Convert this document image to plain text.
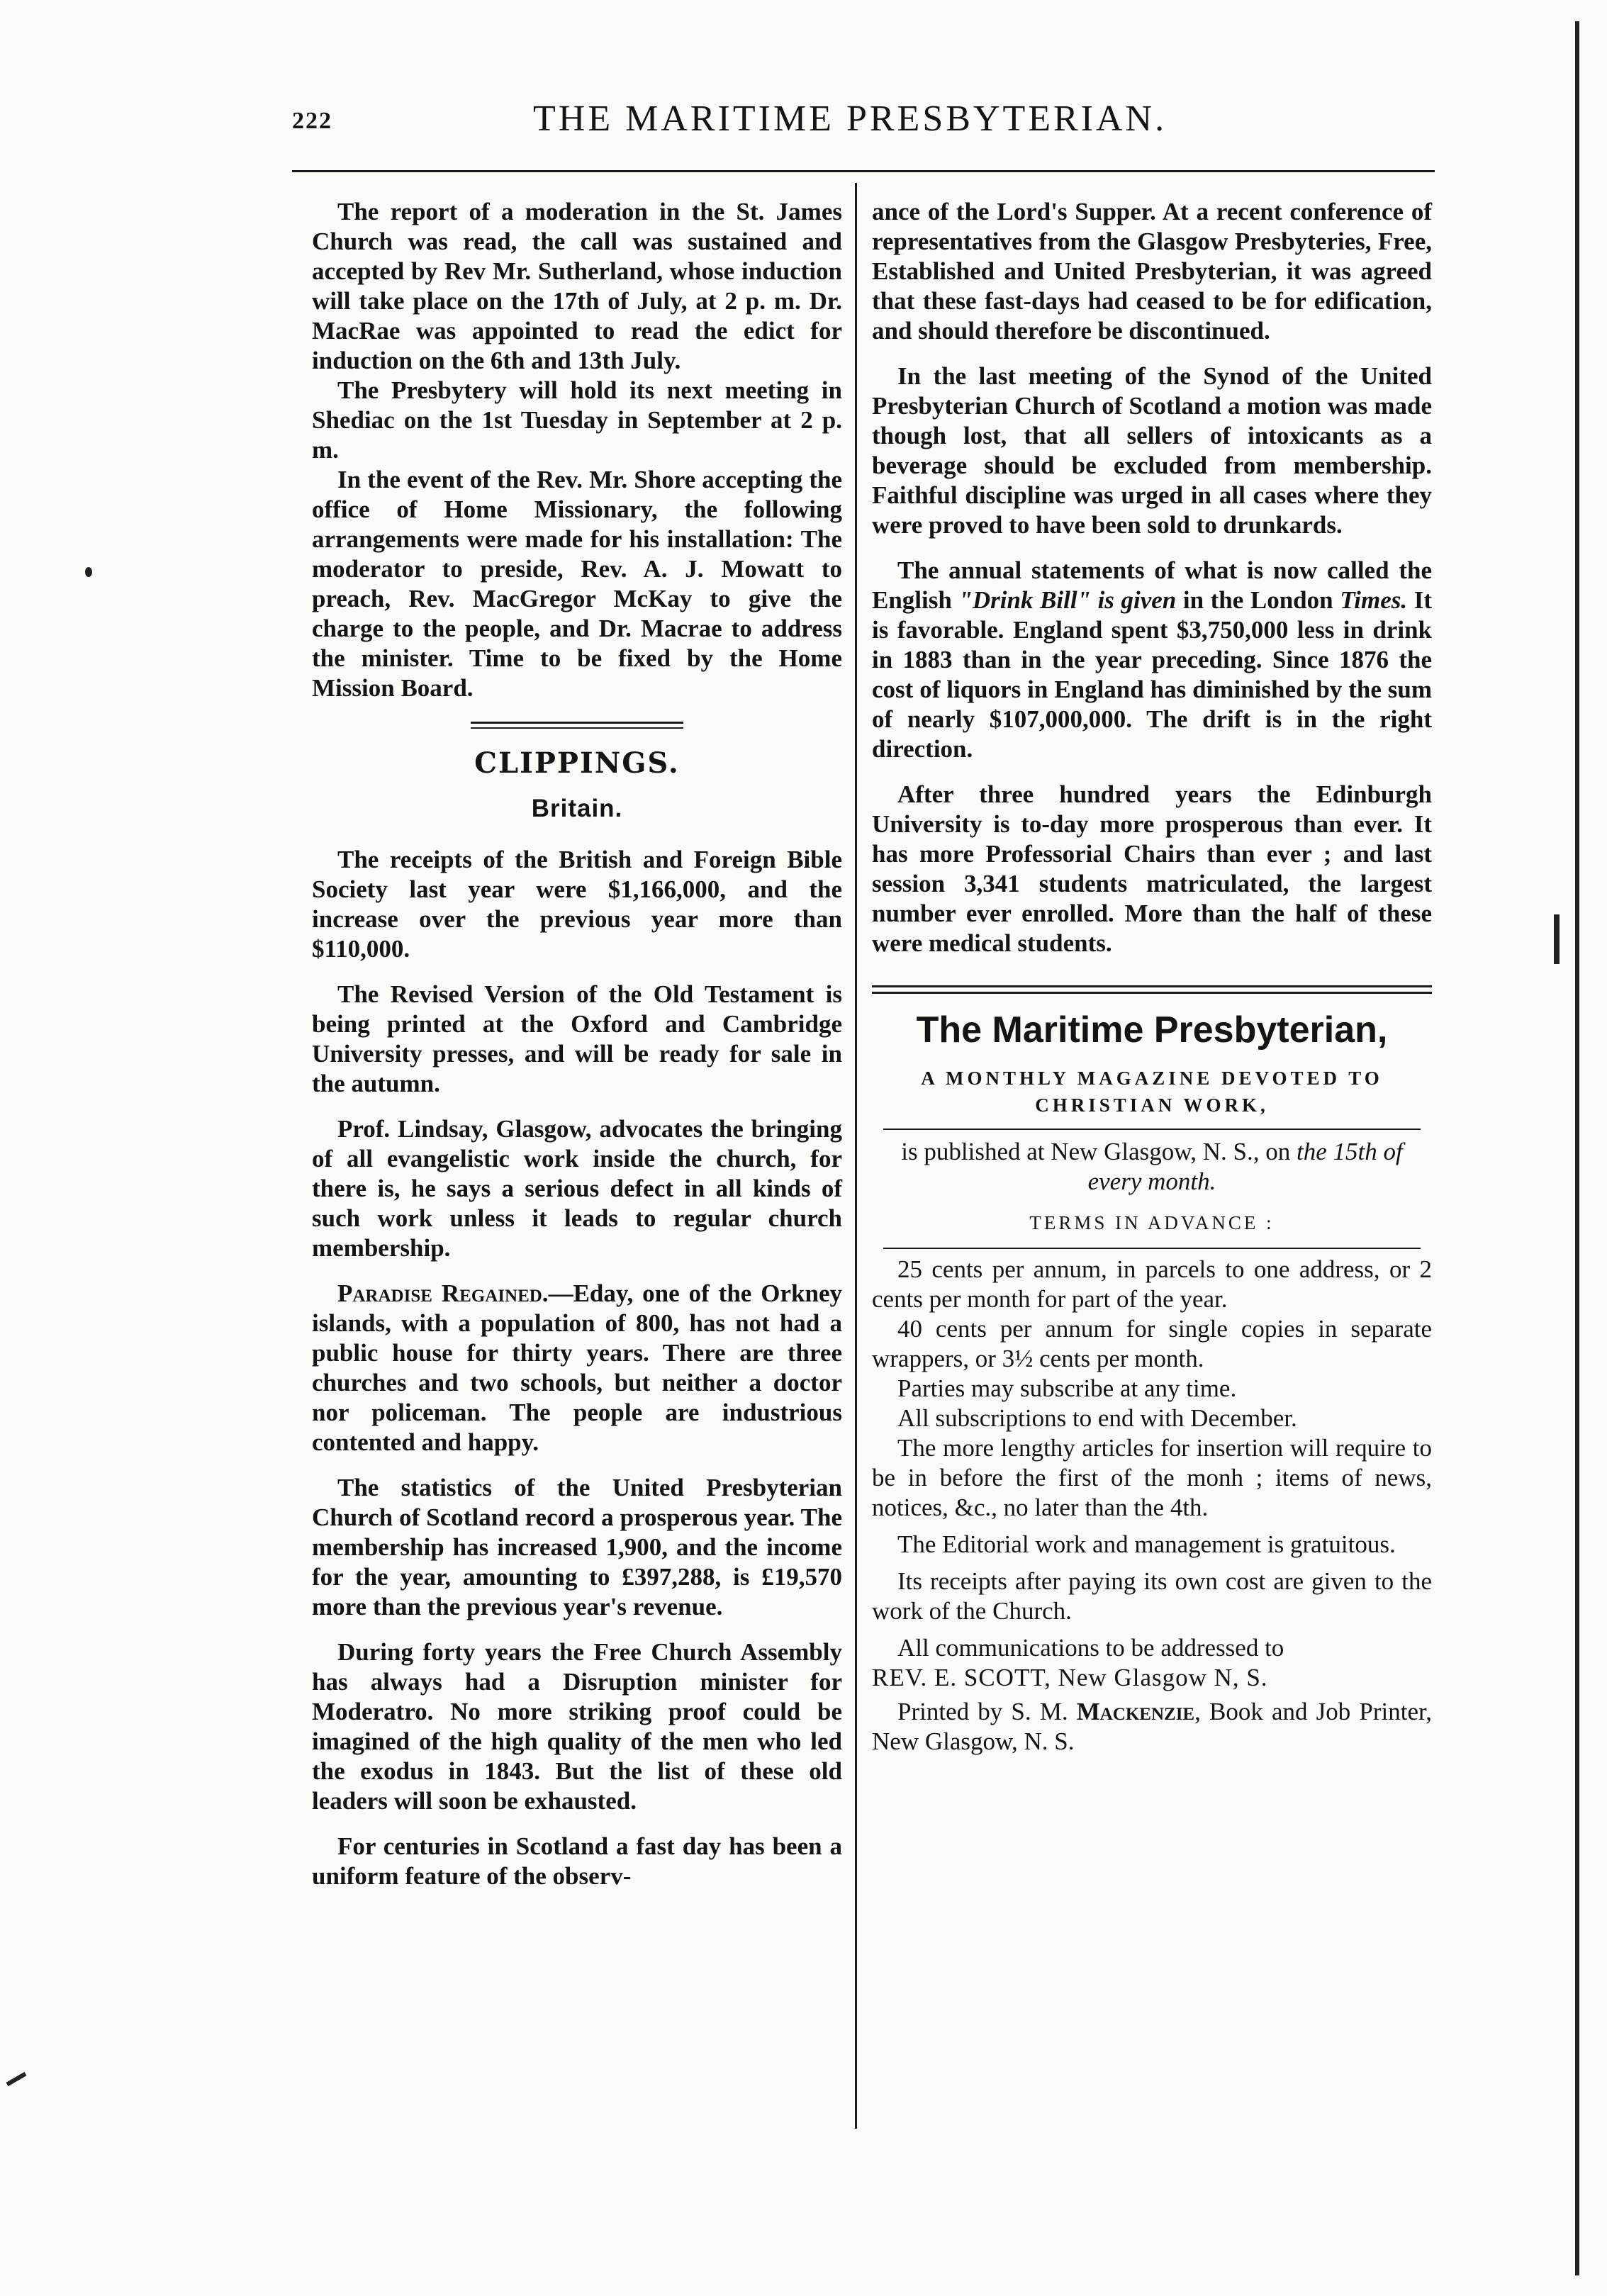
222	THE MARITIME PRESBYTERIAN.

The report of a moderation in the St. James Church was read, the call was sustained and accepted by Rev Mr. Sutherland, whose induction will take place on the 17th of July, at 2 p. m. Dr. MacRae was appointed to read the edict for induction on the 6th and 13th July.

The Presbytery will hold its next meeting in Shediac on the 1st Tuesday in September at 2 p. m.

In the event of the Rev. Mr. Shore accepting the office of Home Missionary, the following arrangements were made for his installation: The moderator to preside, Rev. A. J. Mowatt to preach, Rev. MacGregor McKay to give the charge to the people, and Dr. Macrae to address the minister. Time to be fixed by the Home Mission Board.

CLIPPINGS.
Britain.

The receipts of the British and Foreign Bible Society last year were $1,166,000, and the increase over the previous year more than $110,000.

The Revised Version of the Old Testament is being printed at the Oxford and Cambridge University presses, and will be ready for sale in the autumn.

Prof. Lindsay, Glasgow, advocates the bringing of all evangelistic work inside the church, for there is, he says a serious defect in all kinds of such work unless it leads to regular church membership.

Paradise Regained.—Eday, one of the Orkney islands, with a population of 800, has not had a public house for thirty years. There are three churches and two schools, but neither a doctor nor policeman. The people are industrious contented and happy.

The statistics of the United Presbyterian Church of Scotland record a prosperous year. The membership has increased 1,900, and the income for the year, amounting to £397,288, is £19,570 more than the previous year's revenue.

During forty years the Free Church Assembly has always had a Disruption minister for Moderatro. No more striking proof could be imagined of the high quality of the men who led the exodus in 1843. But the list of these old leaders will soon be exhausted.

For centuries in Scotland a fast day has been a uniform feature of the observ-

ance of the Lord's Supper. At a recent conference of representatives from the Glasgow Presbyteries, Free, Established and United Presbyterian, it was agreed that these fast-days had ceased to be for edification, and should therefore be discontinued.

In the last meeting of the Synod of the United Presbyterian Church of Scotland a motion was made though lost, that all sellers of intoxicants as a beverage should be excluded from membership. Faithful discipline was urged in all cases where they were proved to have been sold to drunkards.

The annual statements of what is now called the English "Drink Bill" is given in the London Times. It is favorable. England spent $3,750,000 less in drink in 1883 than in the year preceding. Since 1876 the cost of liquors in England has diminished by the sum of nearly $107,000,000. The drift is in the right direction.

After three hundred years the Edinburgh University is to-day more prosperous than ever. It has more Professorial Chairs than ever ; and last session 3,341 students matriculated, the largest number ever enrolled. More than the half of these were medical students.

The Maritime Presbyterian,
A MONTHLY MAGAZINE DEVOTED TO CHRISTIAN WORK,

is published at New Glasgow, N. S., on the 15th of every month.

TERMS IN ADVANCE :

25 cents per annum, in parcels to one address, or 2 cents per month for part of the year.

40 cents per annum for single copies in separate wrappers, or 3½ cents per month.

Parties may subscribe at any time.

All subscriptions to end with December.

The more lengthy articles for insertion will require to be in before the first of the monh ; items of news, notices, &c., no later than the 4th.

The Editorial work and management is gratuitous.

Its receipts after paying its own cost are given to the work of the Church.

All communications to be addressed to

REV. E. SCOTT, New Glasgow N, S.

Printed by S. M. Mackenzie, Book and Job Printer, New Glasgow, N. S.
